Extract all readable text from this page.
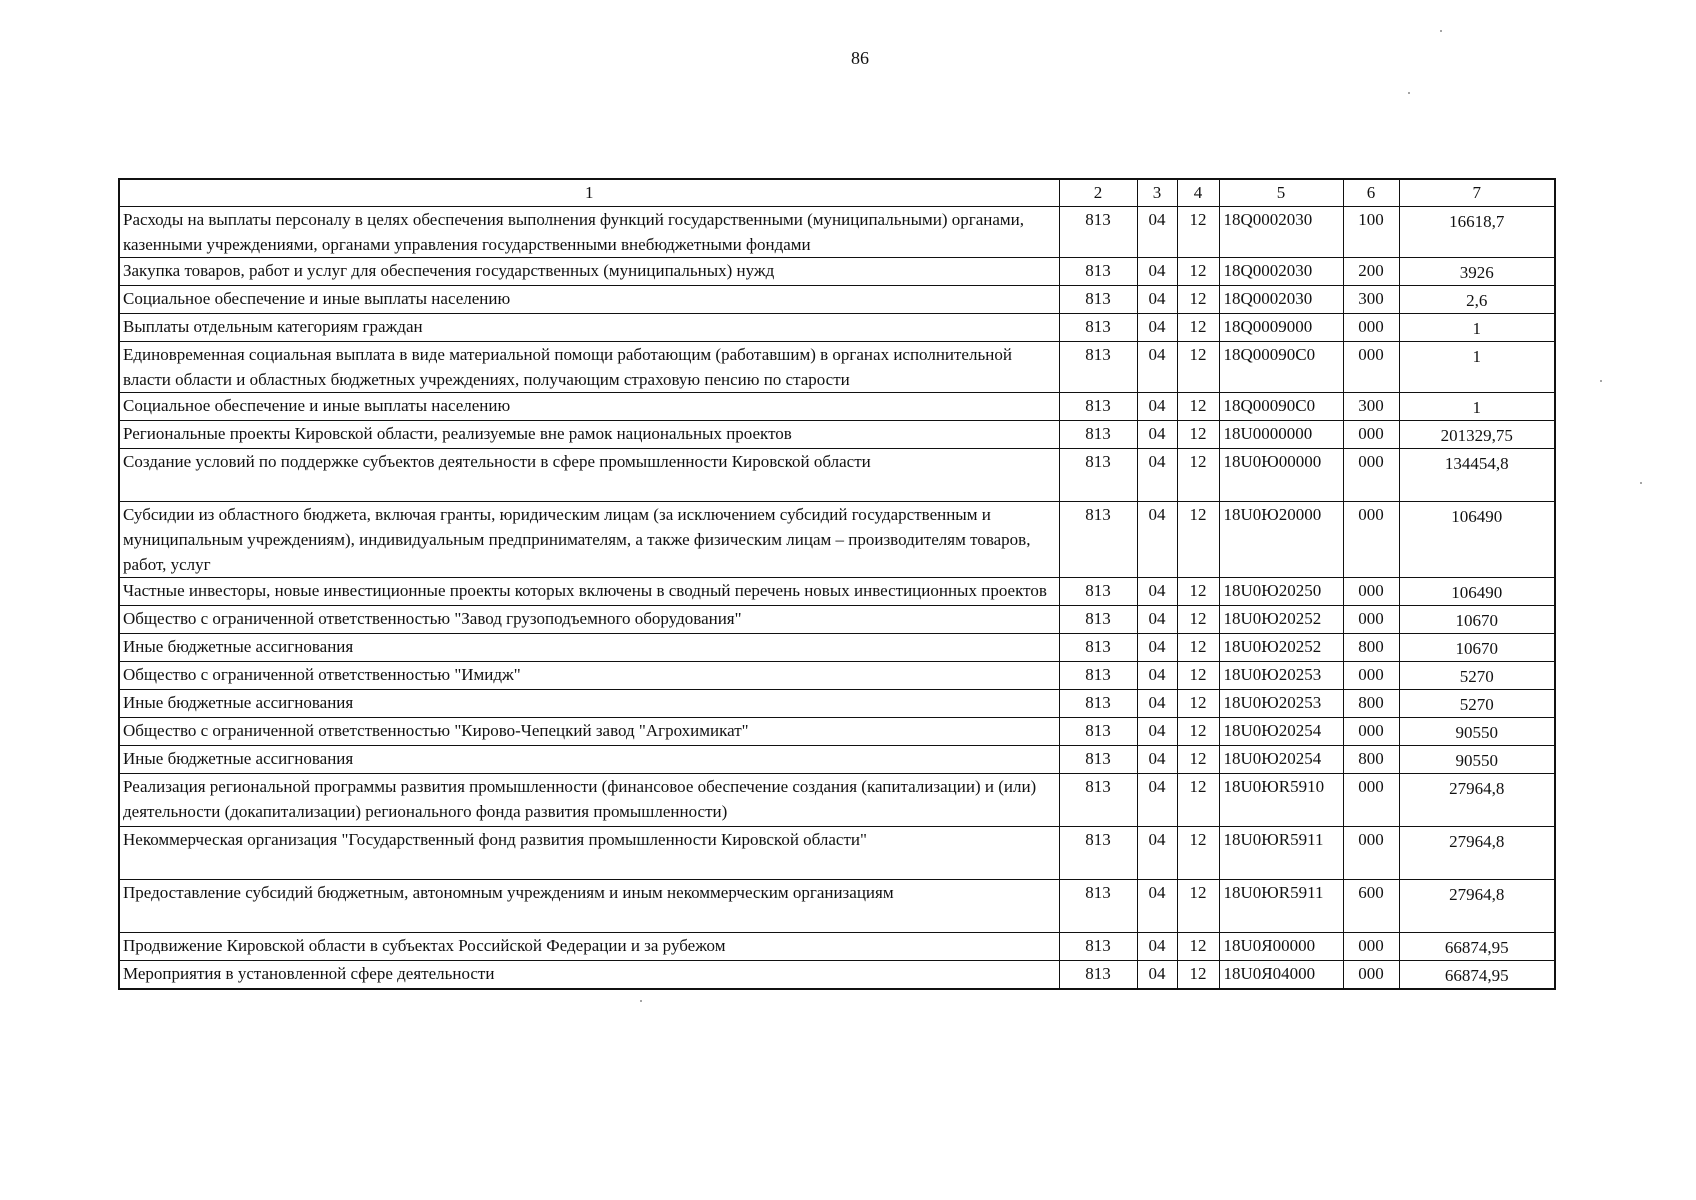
86
1	2	3	4	5	6	7
Расходы на выплаты персоналу в целях обеспечения выполнения функций государственными (муниципальными) органами, казенными учреждениями, органами управления государственными внебюджетными фондами	813	04	12	18Q0002030	100	16618,7
Закупка товаров, работ и услуг для обеспечения государственных (муниципальных) нужд	813	04	12	18Q0002030	200	3926
Социальное обеспечение и иные выплаты населению	813	04	12	18Q0002030	300	2,6
Выплаты отдельным категориям граждан	813	04	12	18Q0009000	000	1
Единовременная социальная выплата в виде материальной помощи работающим (работавшим) в органах исполнительной власти области и областных бюджетных учреждениях, получающим страховую пенсию по старости	813	04	12	18Q00090C0	000	1
Социальное обеспечение и иные выплаты населению	813	04	12	18Q00090C0	300	1
Региональные проекты Кировской области, реализуемые вне рамок национальных проектов	813	04	12	18U0000000	000	201329,75
Создание условий по поддержке субъектов деятельности в сфере промышленности Кировской области	813	04	12	18U0Ю00000	000	134454,8
Субсидии из областного бюджета, включая гранты, юридическим лицам (за исключением субсидий государственным и муниципальным учреждениям), индивидуальным предпринимателям, а также физическим лицам – производителям товаров, работ, услуг	813	04	12	18U0Ю20000	000	106490
Частные инвесторы, новые инвестиционные проекты которых включены в сводный перечень новых инвестиционных проектов	813	04	12	18U0Ю20250	000	106490
Общество с ограниченной ответственностью "Завод грузоподъемного оборудования"	813	04	12	18U0Ю20252	000	10670
Иные бюджетные ассигнования	813	04	12	18U0Ю20252	800	10670
Общество с ограниченной ответственностью "Имидж"	813	04	12	18U0Ю20253	000	5270
Иные бюджетные ассигнования	813	04	12	18U0Ю20253	800	5270
Общество с ограниченной ответственностью "Кирово-Чепецкий завод "Агрохимикат"	813	04	12	18U0Ю20254	000	90550
Иные бюджетные ассигнования	813	04	12	18U0Ю20254	800	90550
Реализация региональной программы развития промышленности (финансовое обеспечение создания (капитализации) и (или) деятельности (докапитализации) регионального фонда развития промышленности)	813	04	12	18U0ЮR5910	000	27964,8
Некоммерческая организация "Государственный фонд развития промышленности Кировской области"	813	04	12	18U0ЮR5911	000	27964,8
Предоставление субсидий бюджетным, автономным учреждениям и иным некоммерческим организациям	813	04	12	18U0ЮR5911	600	27964,8
Продвижение Кировской области в субъектах Российской Федерации и за рубежом	813	04	12	18U0Я00000	000	66874,95
Мероприятия в установленной сфере деятельности	813	04	12	18U0Я04000	000	66874,95
